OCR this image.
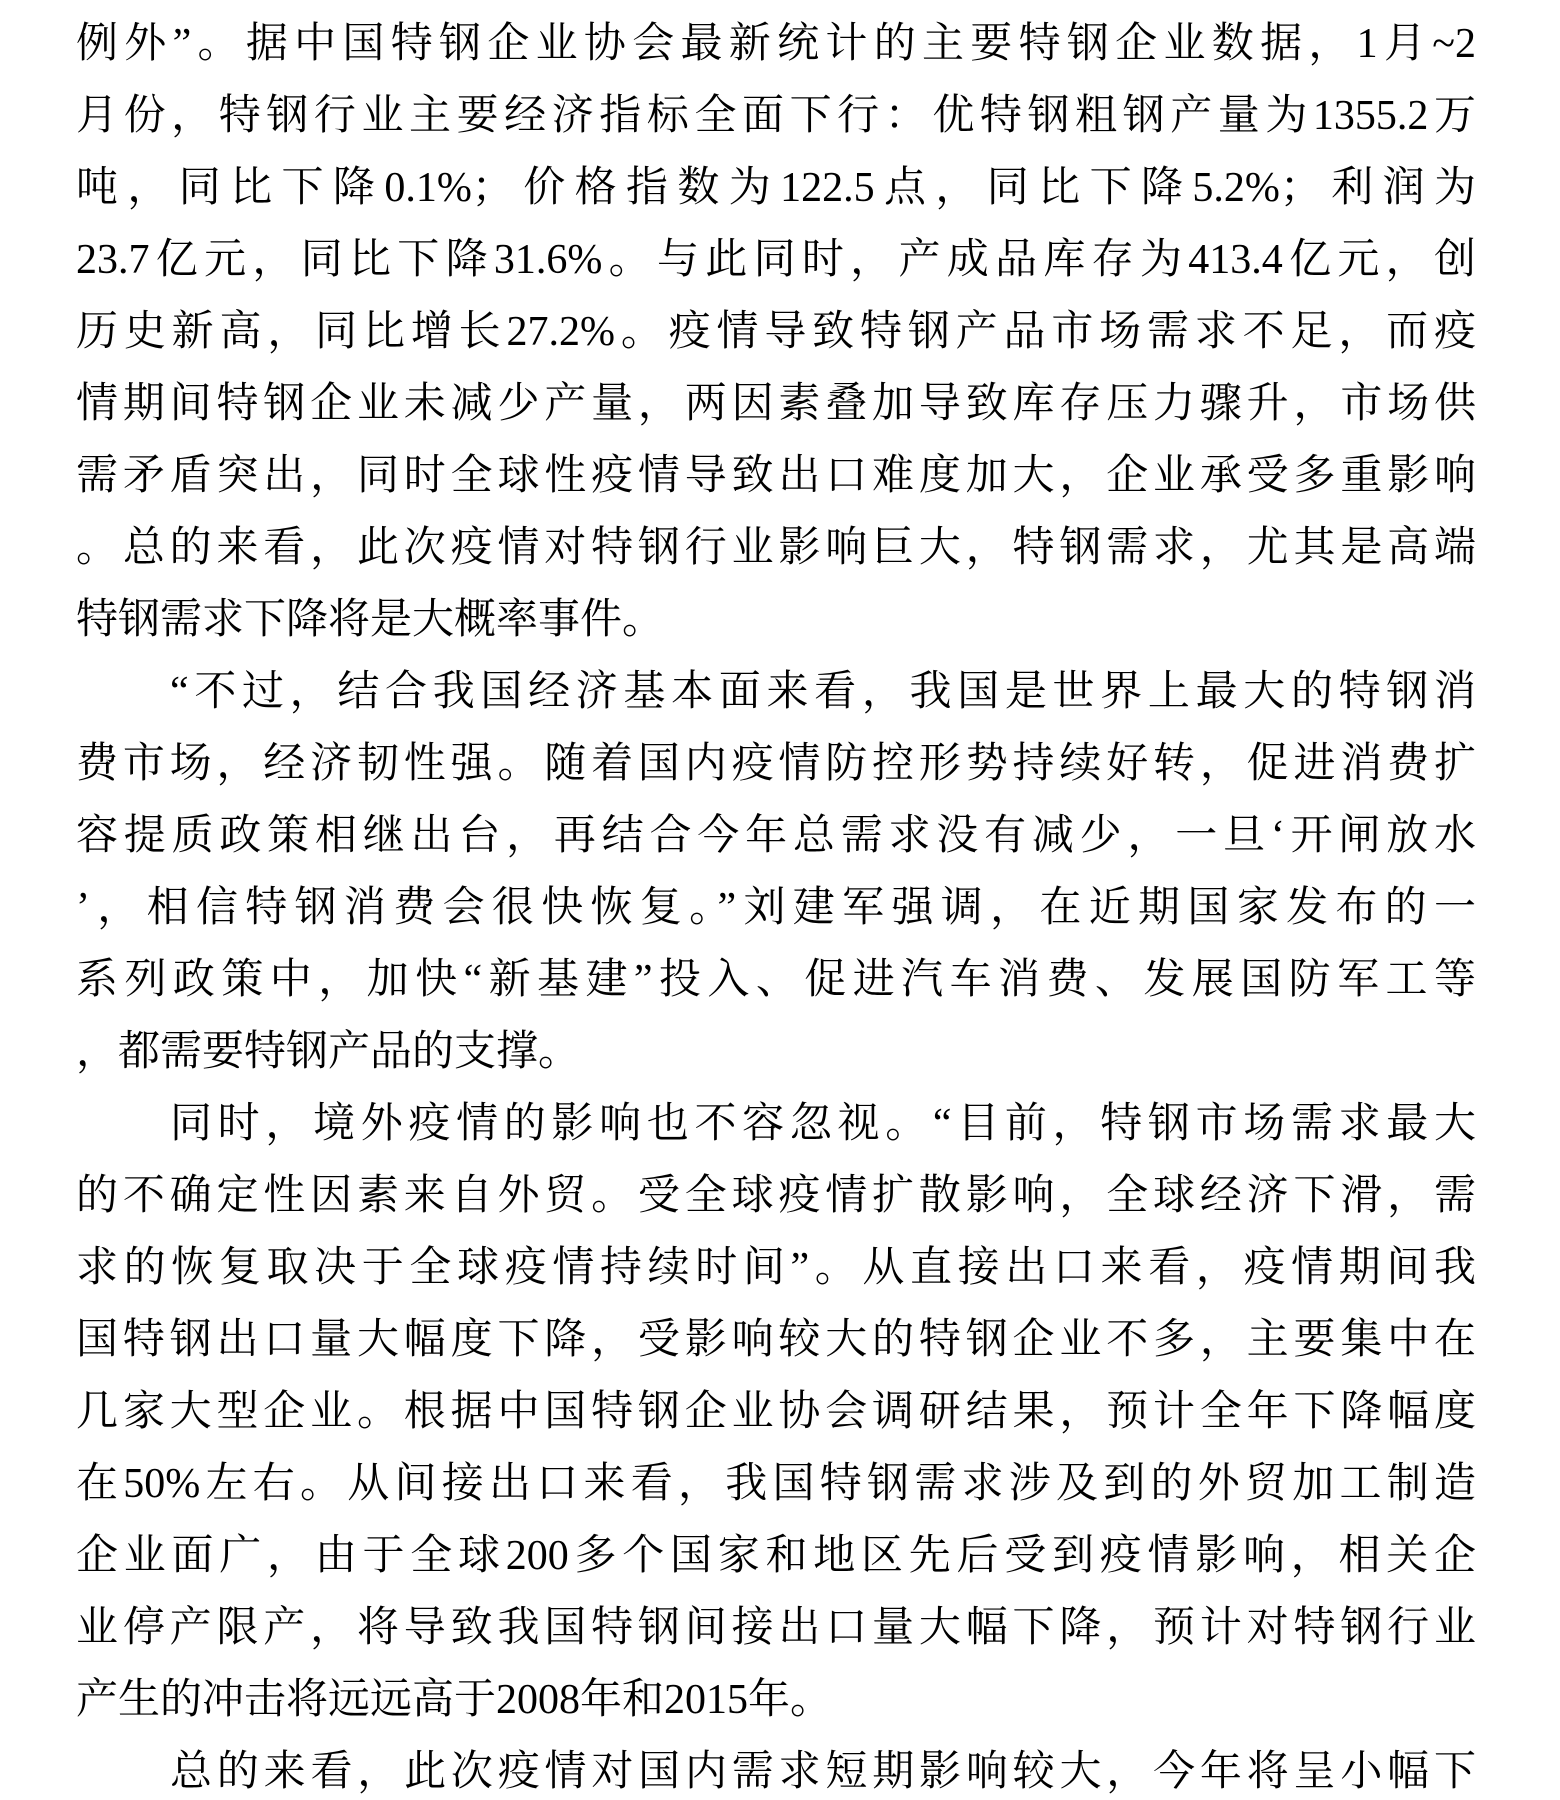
例外”。据中国特钢企业协会最新统计的主要特钢企业数据，1月~2
月份，特钢行业主要经济指标全面下行：优特钢粗钢产量为1355.2万
吨，同比下降0.1%；价格指数为122.5点，同比下降5.2%；利润为
23.7亿元，同比下降31.6%。与此同时，产成品库存为413.4亿元，创
历史新高，同比增长27.2%。疫情导致特钢产品市场需求不足，而疫
情期间特钢企业未减少产量，两因素叠加导致库存压力骤升，市场供
需矛盾突出，同时全球性疫情导致出口难度加大，企业承受多重影响
。总的来看，此次疫情对特钢行业影响巨大，特钢需求，尤其是高端
特钢需求下降将是大概率事件。
“不过，结合我国经济基本面来看，我国是世界上最大的特钢消
费市场，经济韧性强。随着国内疫情防控形势持续好转，促进消费扩
容提质政策相继出台，再结合今年总需求没有减少，一旦‘开闸放水
’，相信特钢消费会很快恢复。”刘建军强调，在近期国家发布的一
系列政策中，加快“新基建”投入、促进汽车消费、发展国防军工等
，都需要特钢产品的支撑。
同时，境外疫情的影响也不容忽视。“目前，特钢市场需求最大
的不确定性因素来自外贸。受全球疫情扩散影响，全球经济下滑，需
求的恢复取决于全球疫情持续时间”。从直接出口来看，疫情期间我
国特钢出口量大幅度下降，受影响较大的特钢企业不多，主要集中在
几家大型企业。根据中国特钢企业协会调研结果，预计全年下降幅度
在50%左右。从间接出口来看，我国特钢需求涉及到的外贸加工制造
企业面广，由于全球200多个国家和地区先后受到疫情影响，相关企
业停产限产，将导致我国特钢间接出口量大幅下降，预计对特钢行业
产生的冲击将远远高于2008年和2015年。
总的来看，此次疫情对国内需求短期影响较大，今年将呈小幅下
